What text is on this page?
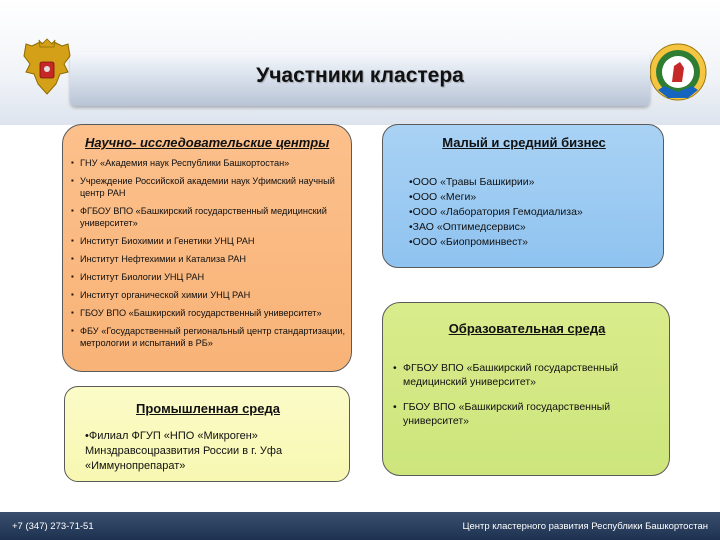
Участники кластера
Научно- исследовательские центры
▪ ГНУ «Академия наук Республики Башкортостан»
▪ Учреждение Российской академии наук Уфимский научный центр РАН
▪ ФГБОУ ВПО «Башкирский государственный медицинский университет»
▪ Институт Биохимии и Генетики УНЦ РАН
▪ Институт Нефтехимии и Катализа РАН
▪ Институт Биологии УНЦ РАН
▪ Институт органической химии УНЦ РАН
▪ ГБОУ ВПО «Башкирский государственный университет»
▪ ФБУ «Государственный региональный центр стандартизации, метрологии и испытаний в РБ»
Малый и средний бизнес
•ООО «Травы Башкирии»
•ООО «Меги»
•ООО «Лаборатория Гемодиализа»
•ЗАО «Оптимедсервис»
•ООО «Биопроминвест»
Образовательная среда
• ФГБОУ ВПО «Башкирский государственный медицинский университет»
• ГБОУ ВПО «Башкирский государственный университет»
Промышленная среда
•Филиал ФГУП «НПО «Микроген» Минздравсоцразвития России в г. Уфа «Иммунопрепарат»
+7 (347) 273-71-51	Центр кластерного развития Республики Башкортостан
